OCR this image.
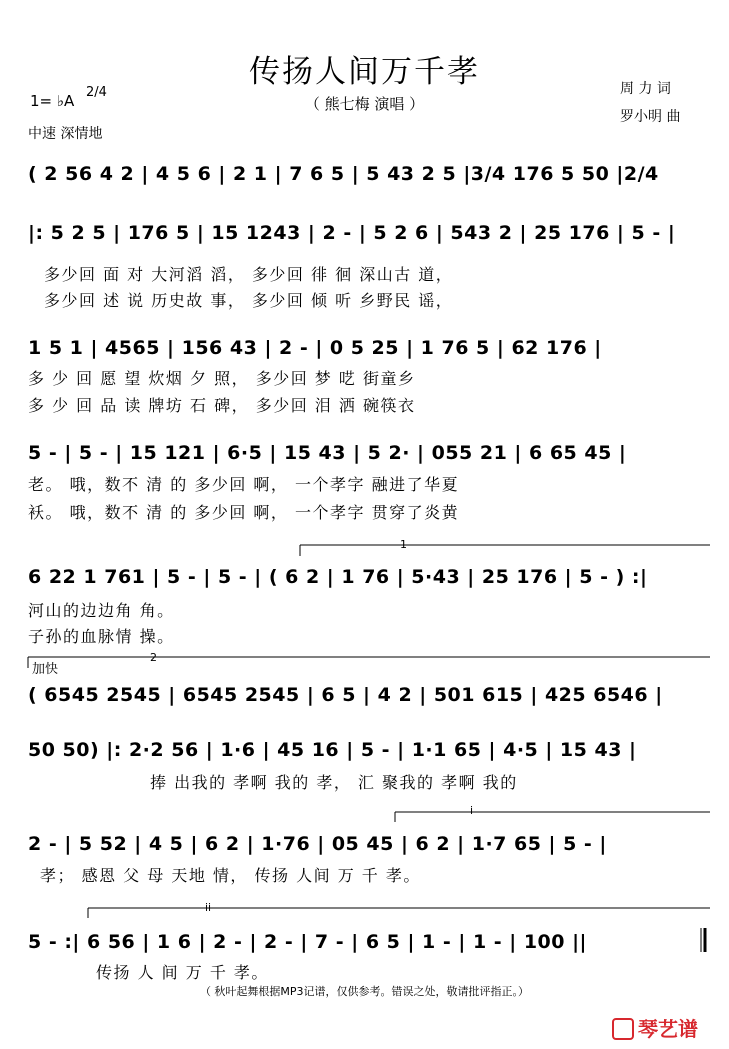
传扬人间万千孝
（ 熊七梅 演唱 ）
1= ♭A 2/4
中速 深情地
周 力 词
罗小明 曲
( 2 56 4 2 | 4 5 6 | 2 1 | 7 6 5 | 5 43 2 5 |3/4 176 5 50 |2/4
|: 5 2 5 | 176 5 | 15 1243 | 2 - | 5 2 6 | 543 2 | 25 176 | 5 - |
多少回 面 对 大河滔 滔， 多少回 徘 徊 深山古 道，
多少回 述 说 历史故 事， 多少回 倾 听 乡野民 谣，
1 5 1 | 4565 | 156 43 | 2 - | 0 5 25 | 1 76 5 | 62 176 |
多 少 回 愿 望 炊烟 夕 照， 多少回 梦 呓 街童乡
多 少 回 品 读 牌坊 石 碑， 多少回 泪 洒 碗筷衣
5 - | 5 - | 15 121 | 6·5 | 15 43 | 5 2· | 055 21 | 6 65 45 |
老。 哦，数不 清 的 多少回 啊， 一个孝字 融进了华夏
袄。 哦，数不 清 的 多少回 啊， 一个孝字 贯穿了炎黄
6 22 1 761 | 5 - | 5 - | ( 6 2 | 1 76 | 5·43 | 25 176 | 5 - ) :|
河山的边边角 角。
子孙的血脉情 操。
1
2
加快
( 6545 2545 | 6545 2545 | 6 5 | 4 2 | 501 615 | 425 6546 |
50 50) |: 2·2 56 | 1·6 | 45 16 | 5 - | 1·1 65 | 4·5 | 15 43 |
捧 出我的 孝啊 我的 孝， 汇 聚我的 孝啊 我的
i
2 - | 5 52 | 4 5 | 6 2 | 1·76 | 05 45 | 6 2 | 1·7 65 | 5 - |
孝； 感恩 父 母 天地 情， 传扬 人间 万 千 孝。
ii
5 - :| 6 56 | 1 6 | 2 - | 2 - | 7 - | 6 5 | 1 - | 1 - | 100 ||
传扬 人 间 万 千 孝。
（ 秋叶起舞根据MP3记谱，仅供参考。错误之处，敬请批评指正。）
琴艺谱
